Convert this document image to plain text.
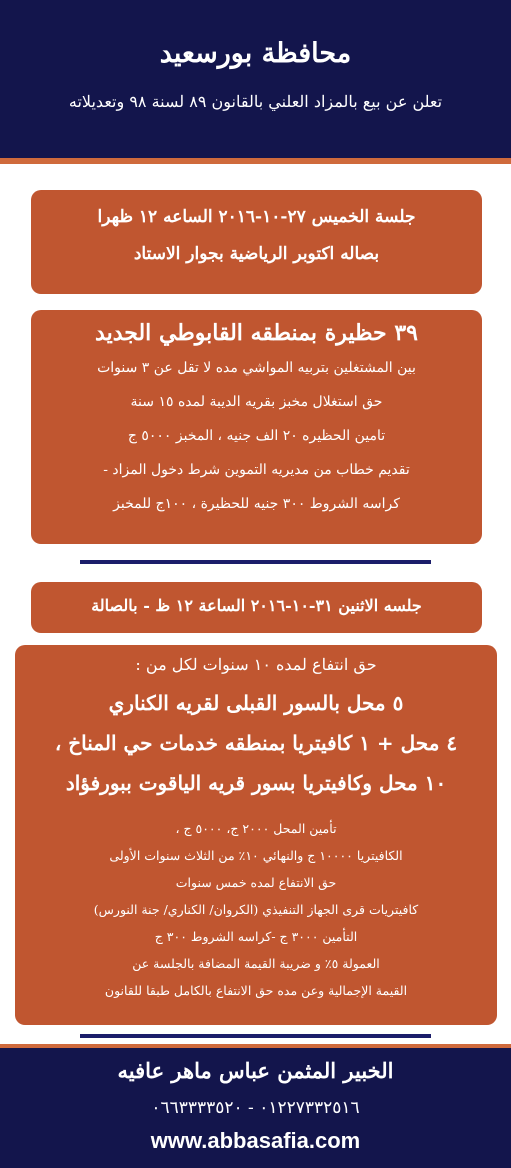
محافظة بورسعيد
تعلن عن بيع بالمزاد العلني بالقانون ٨٩ لسنة ٩٨ وتعديلاته

جلسة الخميس ٢٧-١٠-٢٠١٦ الساعه ١٢ ظهرا

بصاله اكتوبر الرياضية بجوار الاستاد

٣٩ حظيرة بمنطقه القابوطي الجديد

بين المشتغلين بتربيه المواشي مده لا تقل عن ٣ سنوات

حق استغلال مخبز بقريه الديبة لمده ١٥ سنة

تامين الحظيره ٢٠ الف جنيه ، المخبز ٥٠٠٠ ج

تقديم خطاب من مديريه التموين شرط دخول المزاد -

كراسه الشروط ٣٠٠ جنيه للحظيرة ، ١٠٠ج للمخبز

جلسه الاثنين ٣١-١٠-٢٠١٦ الساعة ١٢ ظ - بالصالة

حق انتفاع لمده ١٠ سنوات لكل من :

٥ محل بالسور القبلى لقريه الكناري

٤ محل + ١ كافيتريا بمنطقه خدمات حي المناخ ،

١٠ محل وكافيتريا بسور قريه الياقوت ببورفؤاد

تأمين المحل ٢٠٠٠ ج، ٥٠٠٠ ج ،

الكافيتريا ١٠٠٠٠ ج والنهائي ١٠٪ من الثلاث سنوات الأولى

حق الانتفاع لمده خمس سنوات

كافيتريات قرى الجهاز التنفيذي (الكروان/ الكناري/ جنة النورس)

التأمين ٣٠٠٠ ج -كراسه الشروط ٣٠٠ ج

العمولة ٥٪ و ضريبة القيمة المضافة بالجلسة عن

القيمة الإجمالية وعن مده حق الانتفاع بالكامل طبقا للقانون

الخبير المثمن عباس ماهر عافيه
٠١٢٢٧٣٣٢٥١٦ - ٠٦٦٣٣٣٣٥٢٠
www.abbasafia.com
